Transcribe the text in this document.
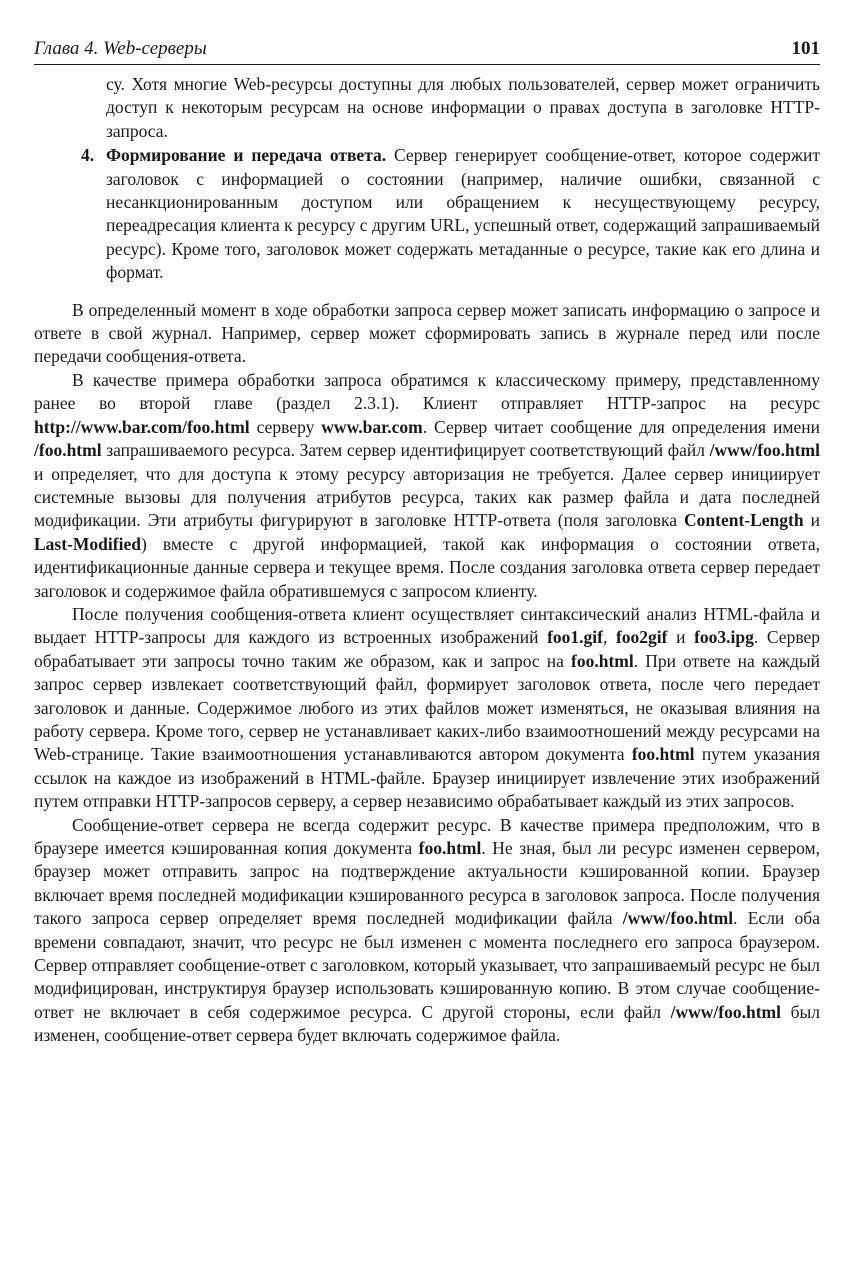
Глава 4. Web-серверы	101

су. Хотя многие Web-ресурсы доступны для любых пользователей, сервер может ограничить доступ к некоторым ресурсам на основе информации о правах доступа в заголовке HTTP-запроса.

4. Формирование и передача ответа. Сервер генерирует сообщение-ответ, которое содержит заголовок с информацией о состоянии (например, наличие ошибки, связанной с несанкционированным доступом или обращением к несуществующему ресурсу, переадресация клиента к ресурсу с другим URL, успешный ответ, содержащий запрашиваемый ресурс). Кроме того, заголовок может содержать метаданные о ресурсе, такие как его длина и формат.

В определенный момент в ходе обработки запроса сервер может записать информацию о запросе и ответе в свой журнал. Например, сервер может сформировать запись в журнале перед или после передачи сообщения-ответа.

В качестве примера обработки запроса обратимся к классическому примеру, представленному ранее во второй главе (раздел 2.3.1). Клиент отправляет HTTP-запрос на ресурс http://www.bar.com/foo.html серверу www.bar.com. Сервер читает сообщение для определения имени /foo.html запрашиваемого ресурса. Затем сервер идентифицирует соответствующий файл /www/foo.html и определяет, что для доступа к этому ресурсу авторизация не требуется. Далее сервер инициирует системные вызовы для получения атрибутов ресурса, таких как размер файла и дата последней модификации. Эти атрибуты фигурируют в заголовке HTTP-ответа (поля заголовка Content-Length и Last-Modified) вместе с другой информацией, такой как информация о состоянии ответа, идентификационные данные сервера и текущее время. После создания заголовка ответа сервер передает заголовок и содержимое файла обратившемуся с запросом клиенту.

После получения сообщения-ответа клиент осуществляет синтаксический анализ HTML-файла и выдает HTTP-запросы для каждого из встроенных изображений foo1.gif, foo2gif и foo3.ipg. Сервер обрабатывает эти запросы точно таким же образом, как и запрос на foo.html. При ответе на каждый запрос сервер извлекает соответствующий файл, формирует заголовок ответа, после чего передает заголовок и данные. Содержимое любого из этих файлов может изменяться, не оказывая влияния на работу сервера. Кроме того, сервер не устанавливает каких-либо взаимоотношений между ресурсами на Web-странице. Такие взаимоотношения устанавливаются автором документа foo.html путем указания ссылок на каждое из изображений в HTML-файле. Браузер инициирует извлечение этих изображений путем отправки HTTP-запросов серверу, а сервер независимо обрабатывает каждый из этих запросов.

Сообщение-ответ сервера не всегда содержит ресурс. В качестве примера предположим, что в браузере имеется кэшированная копия документа foo.html. Не зная, был ли ресурс изменен сервером, браузер может отправить запрос на подтверждение актуальности кэшированной копии. Браузер включает время последней модификации кэшированного ресурса в заголовок запроса. После получения такого запроса сервер определяет время последней модификации файла /www/foo.html. Если оба времени совпадают, значит, что ресурс не был изменен с момента последнего его запроса браузером. Сервер отправляет сообщение-ответ с заголовком, который указывает, что запрашиваемый ресурс не был модифицирован, инструктируя браузер использовать кэшированную копию. В этом случае сообщение-ответ не включает в себя содержимое ресурса. С другой стороны, если файл /www/foo.html был изменен, сообщение-ответ сервера будет включать содержимое файла.
